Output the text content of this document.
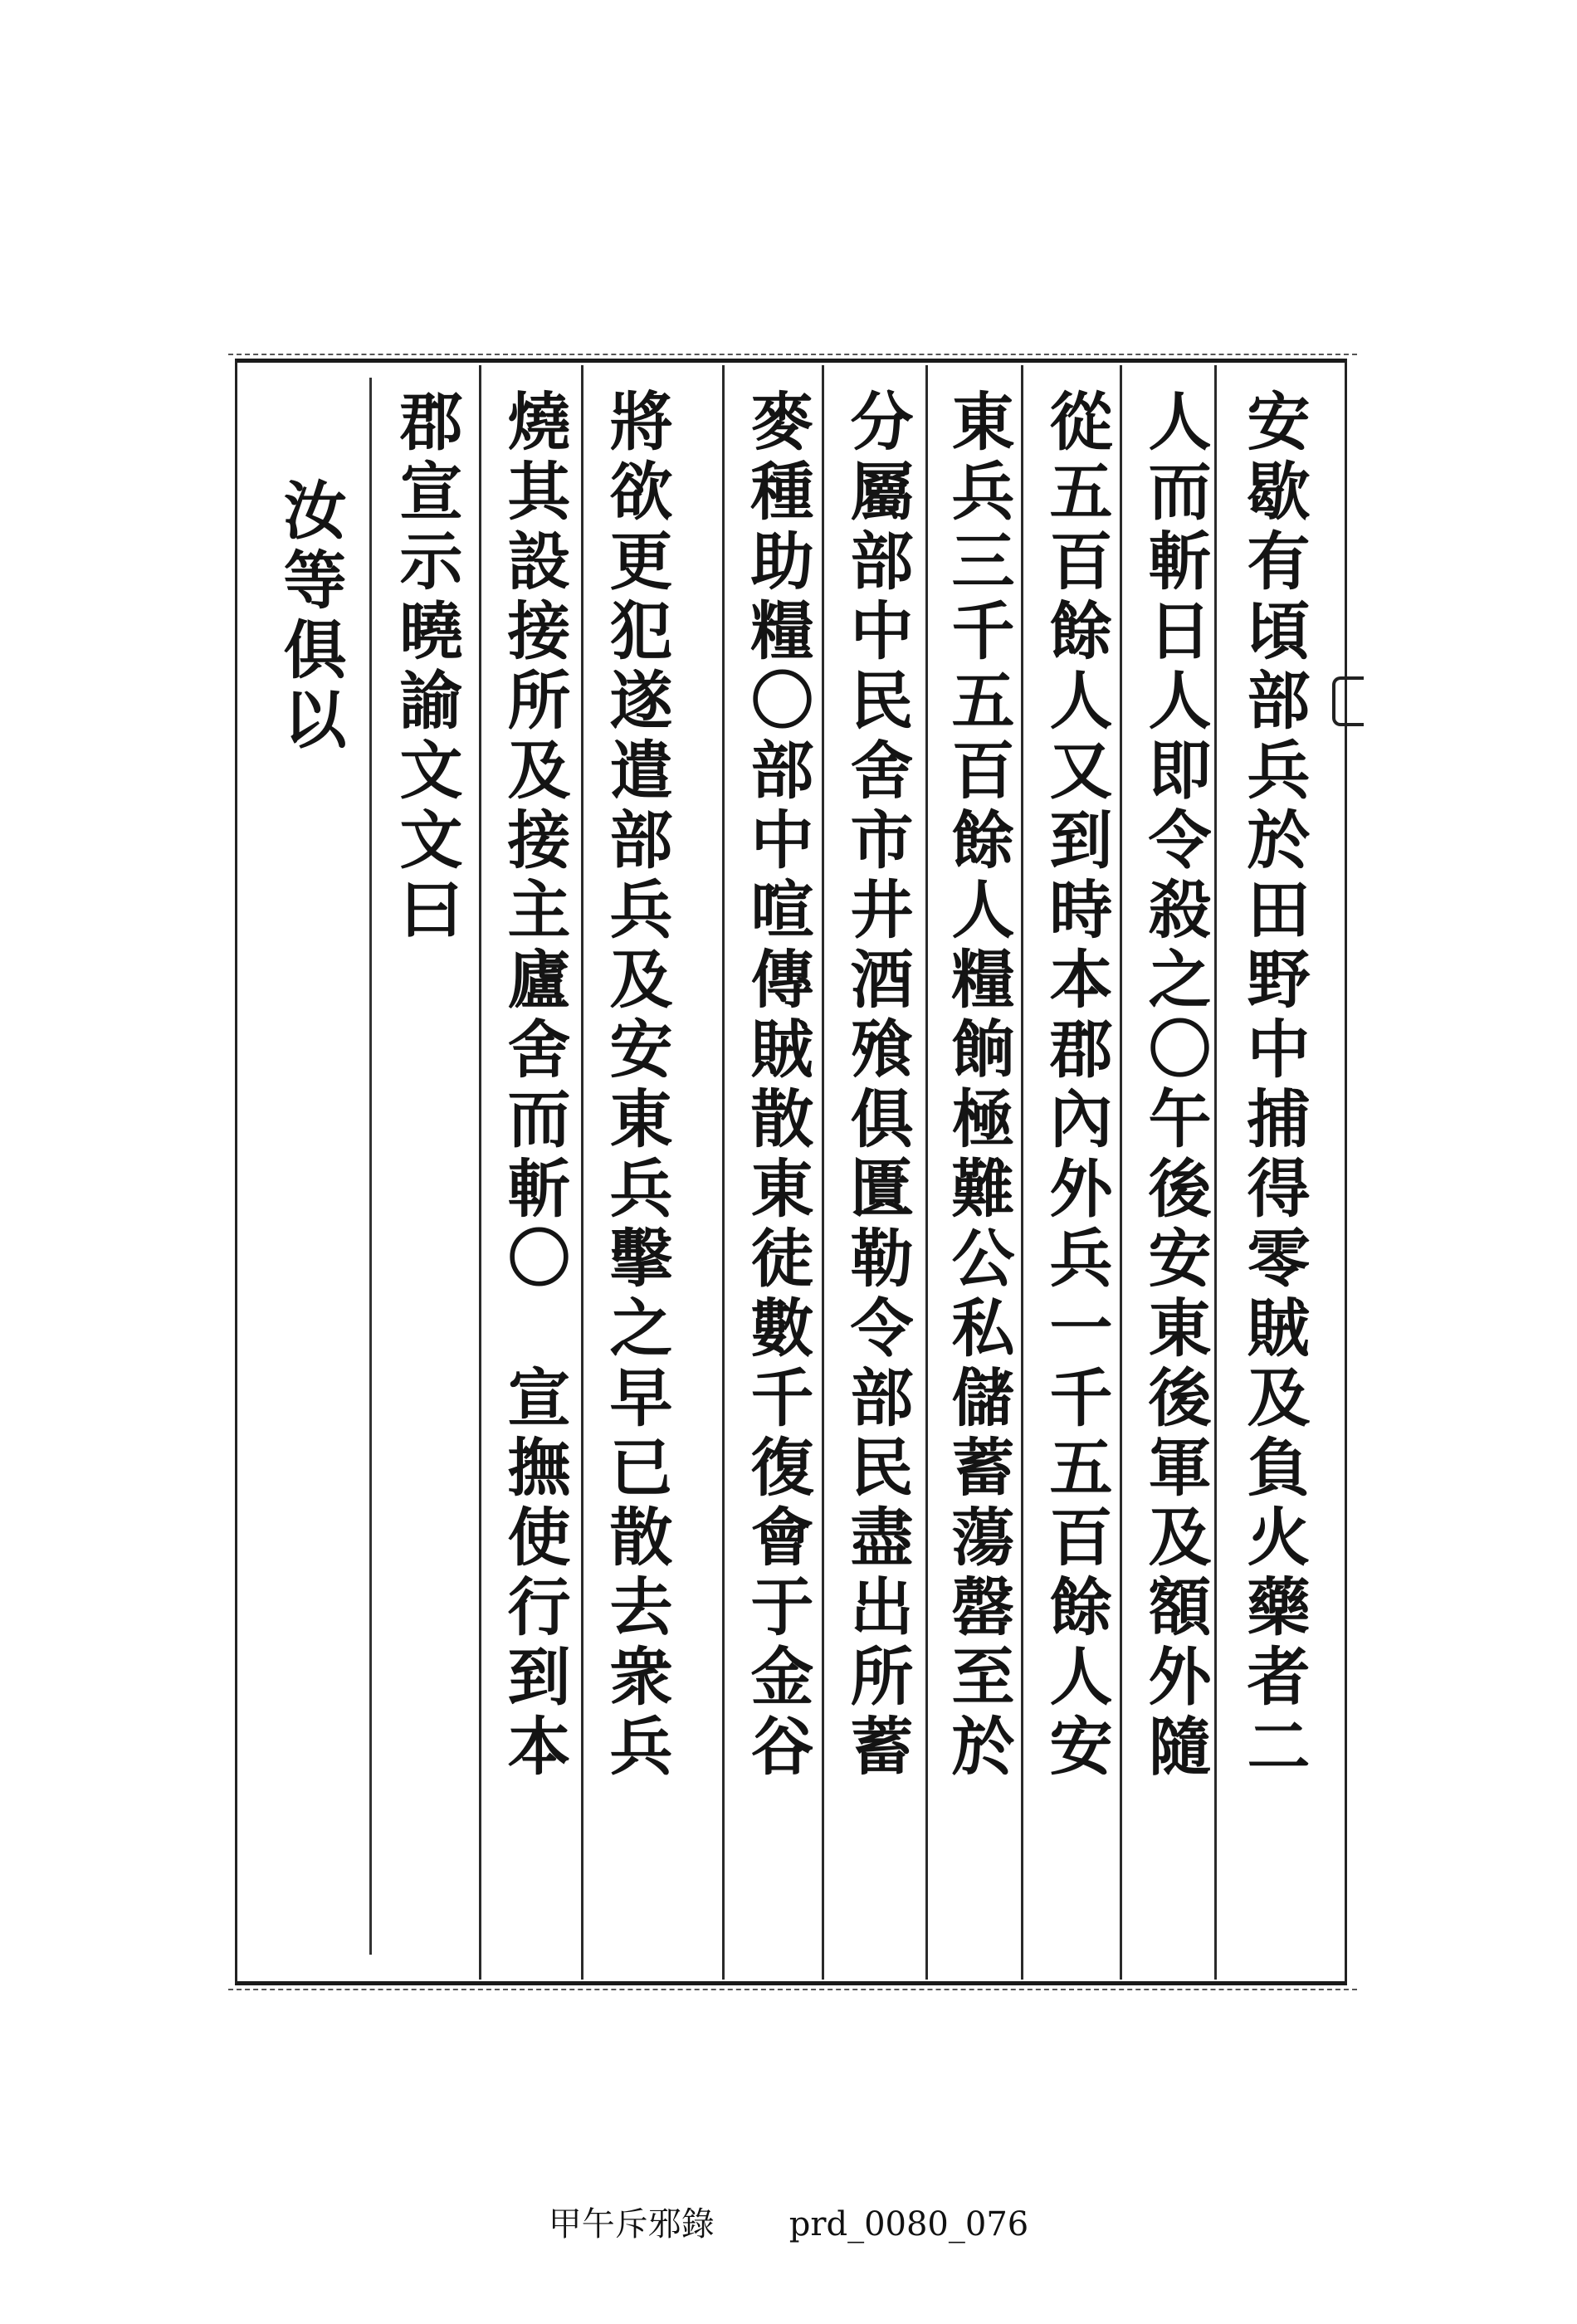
安歇有頃部兵於田野中捕得零賊及負火藥者二
人而斬日人即令殺之〇午後安東後軍及額外隨
從五百餘人又到時本郡內外兵一千五百餘人安
東兵三千五百餘人糧餉極難公私儲蓄蕩罄至於
分屬部中民舍市井酒飱俱匱勒令部民盡出所蓄
麥種助糧〇部中喧傳賊散東徒數千復會于金谷
將欲更犯遂遣部兵及安東兵擊之早已散去衆兵
燒其設接所及接主廬舍而斬〇　宣撫使行到本
郡宣示曉諭文文曰
汝等俱以
甲午斥邪錄 prd_0080_076
